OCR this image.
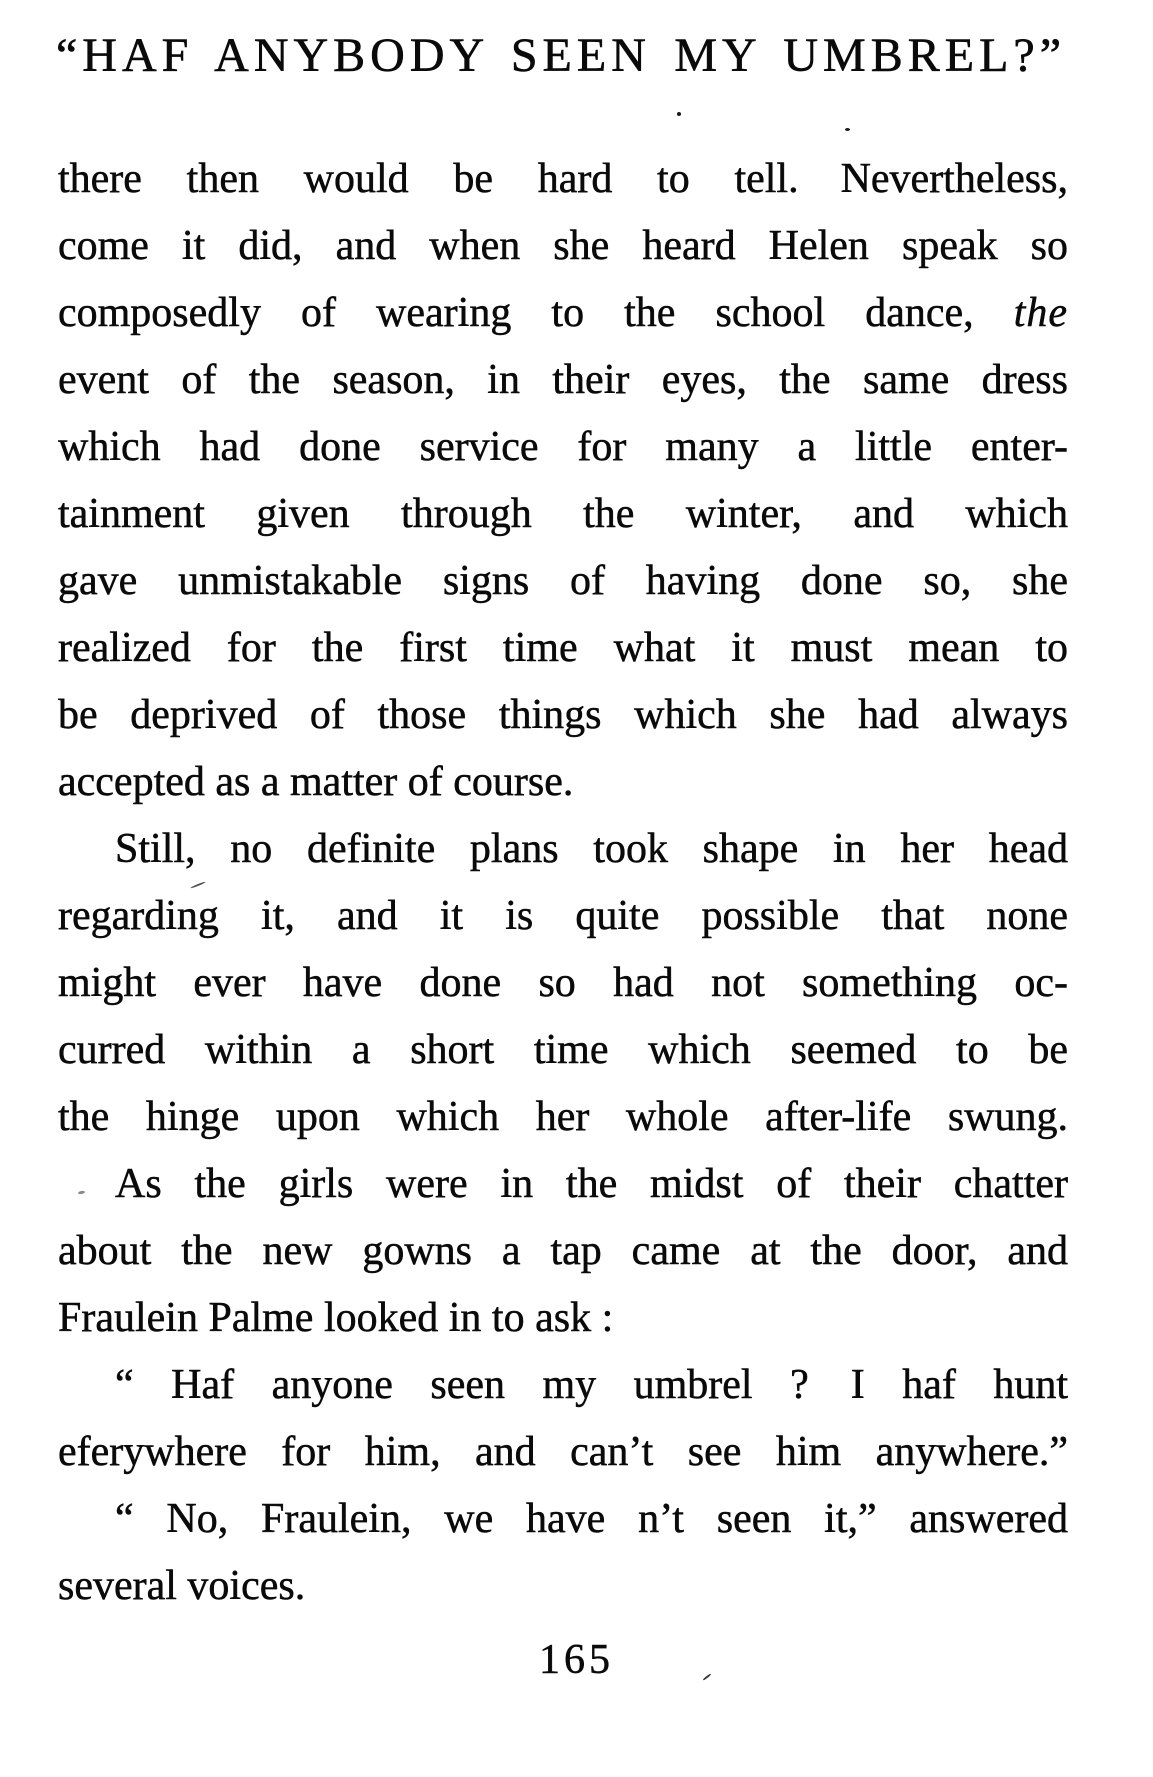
“HAF ANYBODY SEEN MY UMBREL?”
there then would be hard to tell. Nevertheless,
come it did, and when she heard Helen speak so
composedly of wearing to the school dance, the
event of the season, in their eyes, the same dress
which had done service for many a little enter-
tainment given through the winter, and which
gave unmistakable signs of having done so, she
realized for the first time what it must mean to
be deprived of those things which she had always
accepted as a matter of course.
Still, no definite plans took shape in her head
regarding it, and it is quite possible that none
might ever have done so had not something oc-
curred within a short time which seemed to be
the hinge upon which her whole after-life swung.
As the girls were in the midst of their chatter
about the new gowns a tap came at the door, and
Fraulein Palme looked in to ask :
“ Haf anyone seen my umbrel ? I haf hunt
eferywhere for him, and can’t see him anywhere.”
“ No, Fraulein, we have n’t seen it,” answered
several voices.
165
